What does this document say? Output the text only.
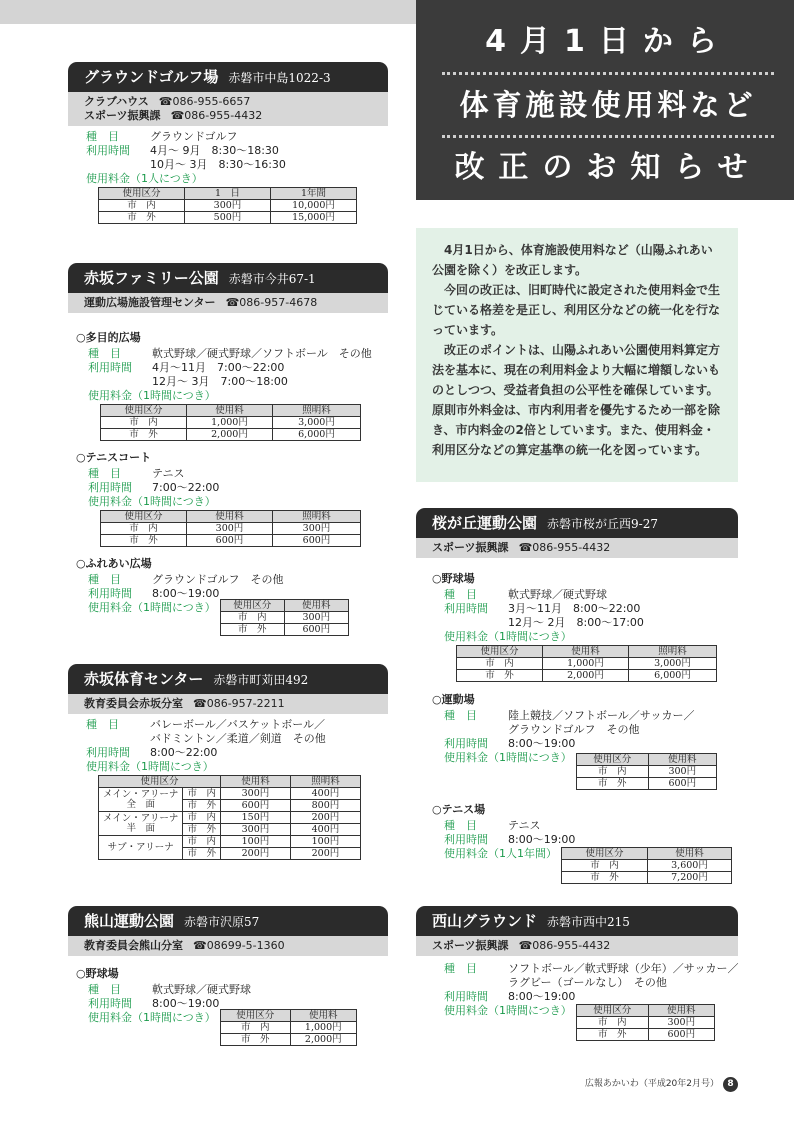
4月1日から
体育施設使用料など
改正のお知らせ

4月1日から、体育施設使用料など（山陽ふれあい公園を除く）を改正します。

今回の改正は、旧町時代に設定された使用料金で生じている格差を是正し、利用区分などの統一化を行なっています。

改正のポイントは、山陽ふれあい公園使用料算定方法を基本に、現在の利用料金より大幅に増額しないものとしつつ、受益者負担の公平性を確保しています。原則市外料金は、市内利用者を優先するため一部を除き、市内料金の2倍としています。また、使用料金・利用区分などの算定基準の統一化を図っています。

グラウンドゴルフ場 赤磐市中島1022-3
クラブハウス ☎086-955-6657
スポーツ振興課 ☎086-955-4432
種　目	グラウンドゴルフ
利用時間	4月～ 9月　8:30～18:30
10月～ 3月　8:30～16:30
使用料金（1人につき）
使用区分	1　日	1年間
市　内	300円	10,000円
市　外	500円	15,000円
赤坂ファミリー公園 赤磐市今井67-1
運動広場施設管理センター ☎086-957-4678
○多目的広場
種　目	軟式野球／硬式野球／ソフトボール　その他
利用時間	4月～11月　7:00～22:00
12月～ 3月　7:00～18:00
使用料金（1時間につき）
使用区分	使用料	照明料
市　内	1,000円	3,000円
市　外	2,000円	6,000円
○テニスコート
種　目	テニス
利用時間	7:00～22:00
使用料金（1時間につき）
使用区分	使用料	照明料
市　内	300円	300円
市　外	600円	600円
○ふれあい広場
種　目	グラウンドゴルフ　その他
利用時間	8:00～19:00
使用料金（1時間につき） 使用区分	使用料
市　内	300円
市　外	600円
赤坂体育センター 赤磐市町苅田492
教育委員会赤坂分室 ☎086-957-2211
種　目	バレーボール／バスケットボール／
バドミントン／柔道／剣道　その他
利用時間	8:00～22:00
使用料金（1時間につき）
使用区分		使用料	照明料

メイン・アリーナ
全　面	市　内	300円	400円
	市　外	600円	800円

メイン・アリーナ
半　面	市　内	150円	200円
	市　外	300円	400円
サブ・アリーナ	市　内	100円	100円
	市　外	200円	200円
熊山運動公園 赤磐市沢原57
教育委員会熊山分室 ☎08699-5-1360
○野球場
種　目	軟式野球／硬式野球
利用時間	8:00～19:00
使用料金（1時間につき） 使用区分	使用料
市　内	1,000円
市　外	2,000円
桜が丘運動公園 赤磐市桜が丘西9-27
スポーツ振興課 ☎086-955-4432
○野球場
種　目	軟式野球／硬式野球
利用時間	3月～11月　8:00～22:00
12月～ 2月　8:00～17:00
使用料金（1時間につき）
使用区分	使用料	照明料
市　内	1,000円	3,000円
市　外	2,000円	6,000円
○運動場
種　目	陸上競技／ソフトボール／サッカー／
グラウンドゴルフ　その他
利用時間	8:00～19:00
使用料金（1時間につき） 使用区分	使用料
市　内	300円
市　外	600円
○テニス場
種　目	テニス
利用時間	8:00～19:00
使用料金（1人1年間）	使用区分	使用料
市　内	3,600円
市　外	7,200円
西山グラウンド 赤磐市西中215
スポーツ振興課 ☎086-955-4432
種　目	ソフトボール／軟式野球（少年）／サッカー／
ラグビー（ゴールなし）　その他
利用時間	8:00～19:00
使用料金（1時間につき） 使用区分	使用料
市　内	300円
市　外	600円
広報あかいわ（平成20年2月号） 8
